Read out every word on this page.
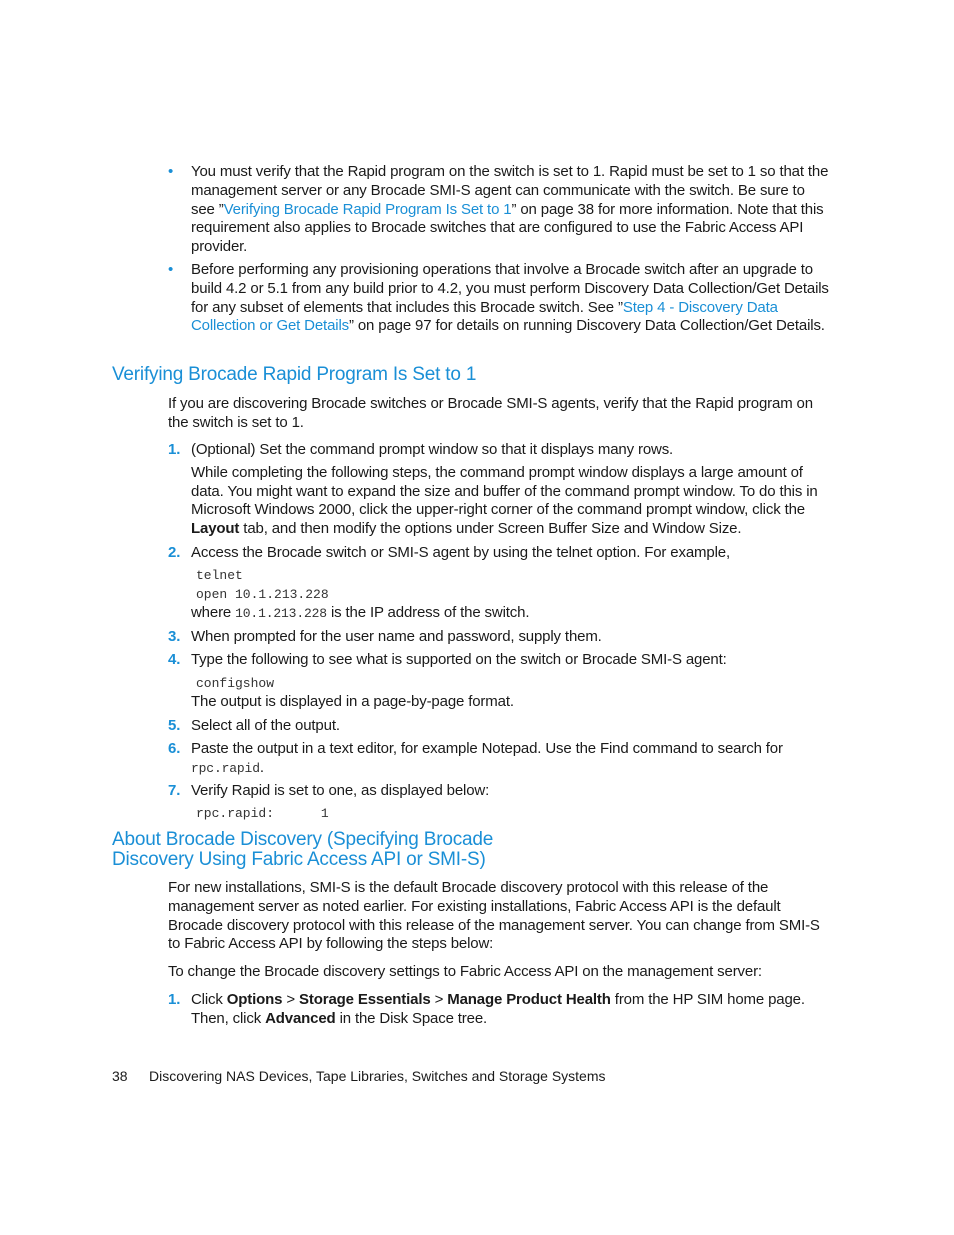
• You must verify that the Rapid program on the switch is set to 1. Rapid must be set to 1 so that the management server or any Brocade SMI-S agent can communicate with the switch. Be sure to see ”Verifying Brocade Rapid Program Is Set to 1” on page 38 for more information. Note that this requirement also applies to Brocade switches that are configured to use the Fabric Access API provider.
• Before performing any provisioning operations that involve a Brocade switch after an upgrade to build 4.2 or 5.1 from any build prior to 4.2, you must perform Discovery Data Collection/Get Details for any subset of elements that includes this Brocade switch. See ”Step 4 - Discovery Data Collection or Get Details” on page 97 for details on running Discovery Data Collection/Get Details.
Verifying Brocade Rapid Program Is Set to 1
If you are discovering Brocade switches or Brocade SMI-S agents, verify that the Rapid program on the switch is set to 1.
1. (Optional) Set the command prompt window so that it displays many rows.
While completing the following steps, the command prompt window displays a large amount of data. You might want to expand the size and buffer of the command prompt window. To do this in Microsoft Windows 2000, click the upper-right corner of the command prompt window, click the Layout tab, and then modify the options under Screen Buffer Size and Window Size.
2. Access the Brocade switch or SMI-S agent by using the telnet option. For example,
telnet
open 10.1.213.228
where 10.1.213.228 is the IP address of the switch.
3. When prompted for the user name and password, supply them.
4. Type the following to see what is supported on the switch or Brocade SMI-S agent:
configshow
The output is displayed in a page-by-page format.
5. Select all of the output.
6. Paste the output in a text editor, for example Notepad. Use the Find command to search for rpc.rapid.
7. Verify Rapid is set to one, as displayed below:
rpc.rapid:      1
About Brocade Discovery (Specifying Brocade
Discovery Using Fabric Access API or SMI-S)
For new installations, SMI-S is the default Brocade discovery protocol with this release of the management server as noted earlier. For existing installations, Fabric Access API is the default Brocade discovery protocol with this release of the management server. You can change from SMI-S to Fabric Access API by following the steps below:
To change the Brocade discovery settings to Fabric Access API on the management server:
1. Click Options > Storage Essentials > Manage Product Health from the HP SIM home page. Then, click Advanced in the Disk Space tree.
38 Discovering NAS Devices, Tape Libraries, Switches and Storage Systems
